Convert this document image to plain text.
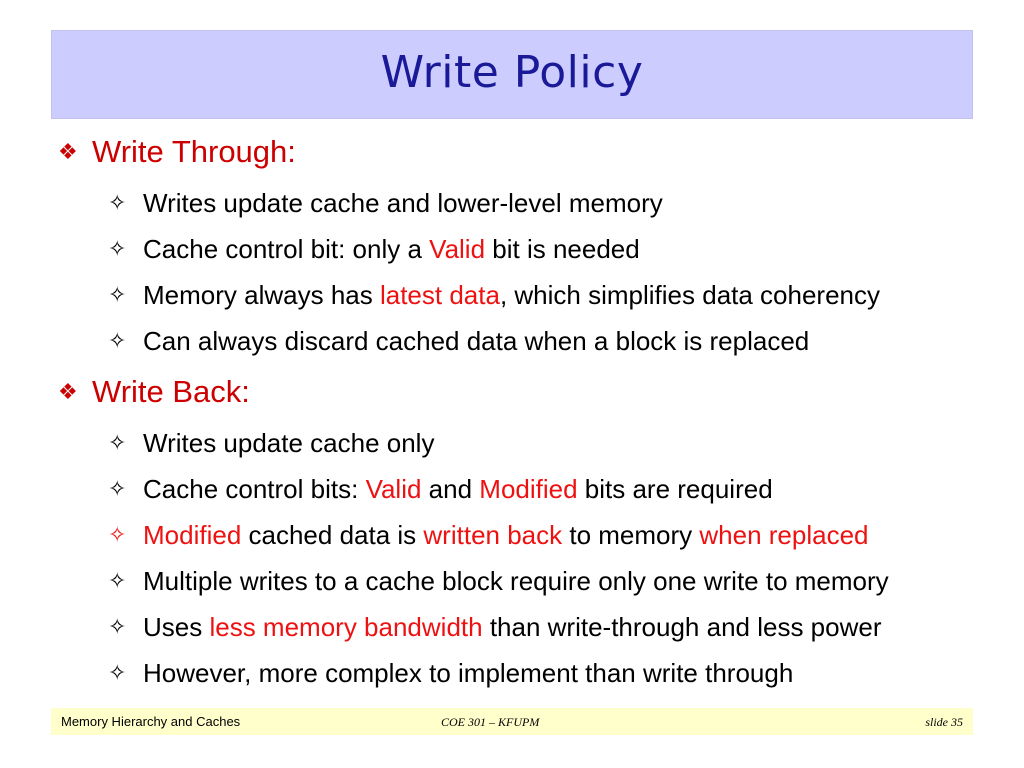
Write Policy
❖ Write Through:
✧ Writes update cache and lower-level memory
✧ Cache control bit: only a Valid bit is needed
✧ Memory always has latest data, which simplifies data coherency
✧ Can always discard cached data when a block is replaced
❖ Write Back:
✧ Writes update cache only
✧ Cache control bits: Valid and Modified bits are required
✧ Modified cached data is written back to memory when replaced
✧ Multiple writes to a cache block require only one write to memory
✧ Uses less memory bandwidth than write-through and less power
✧ However, more complex to implement than write through
Memory Hierarchy and Caches	COE 301 – KFUPM	slide 35
